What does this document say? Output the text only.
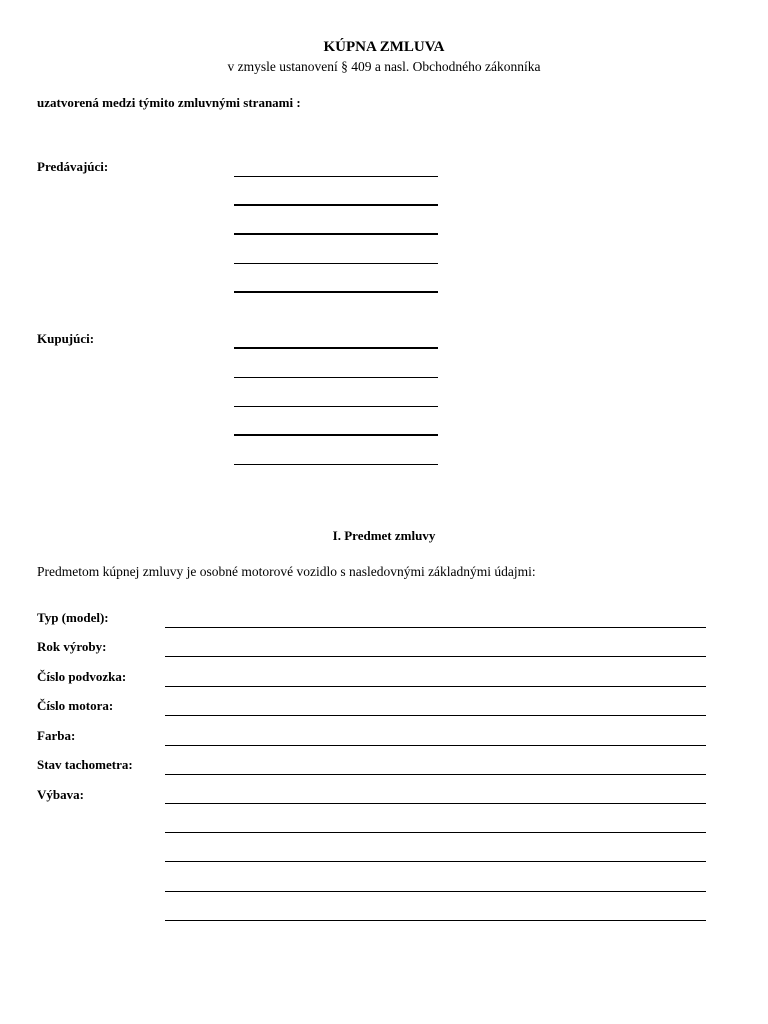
KÚPNA ZMLUVA
v zmysle ustanovení § 409 a nasl. Obchodného zákonníka
uzatvorená medzi týmito zmluvnými stranami :
Predávajúci:
Kupujúci:
I. Predmet zmluvy
Predmetom kúpnej zmluvy je osobné motorové vozidlo s nasledovnými základnými údajmi:
Typ (model):
Rok výroby:
Číslo podvozka:
Číslo motora:
Farba:
Stav tachometra:
Výbava:
